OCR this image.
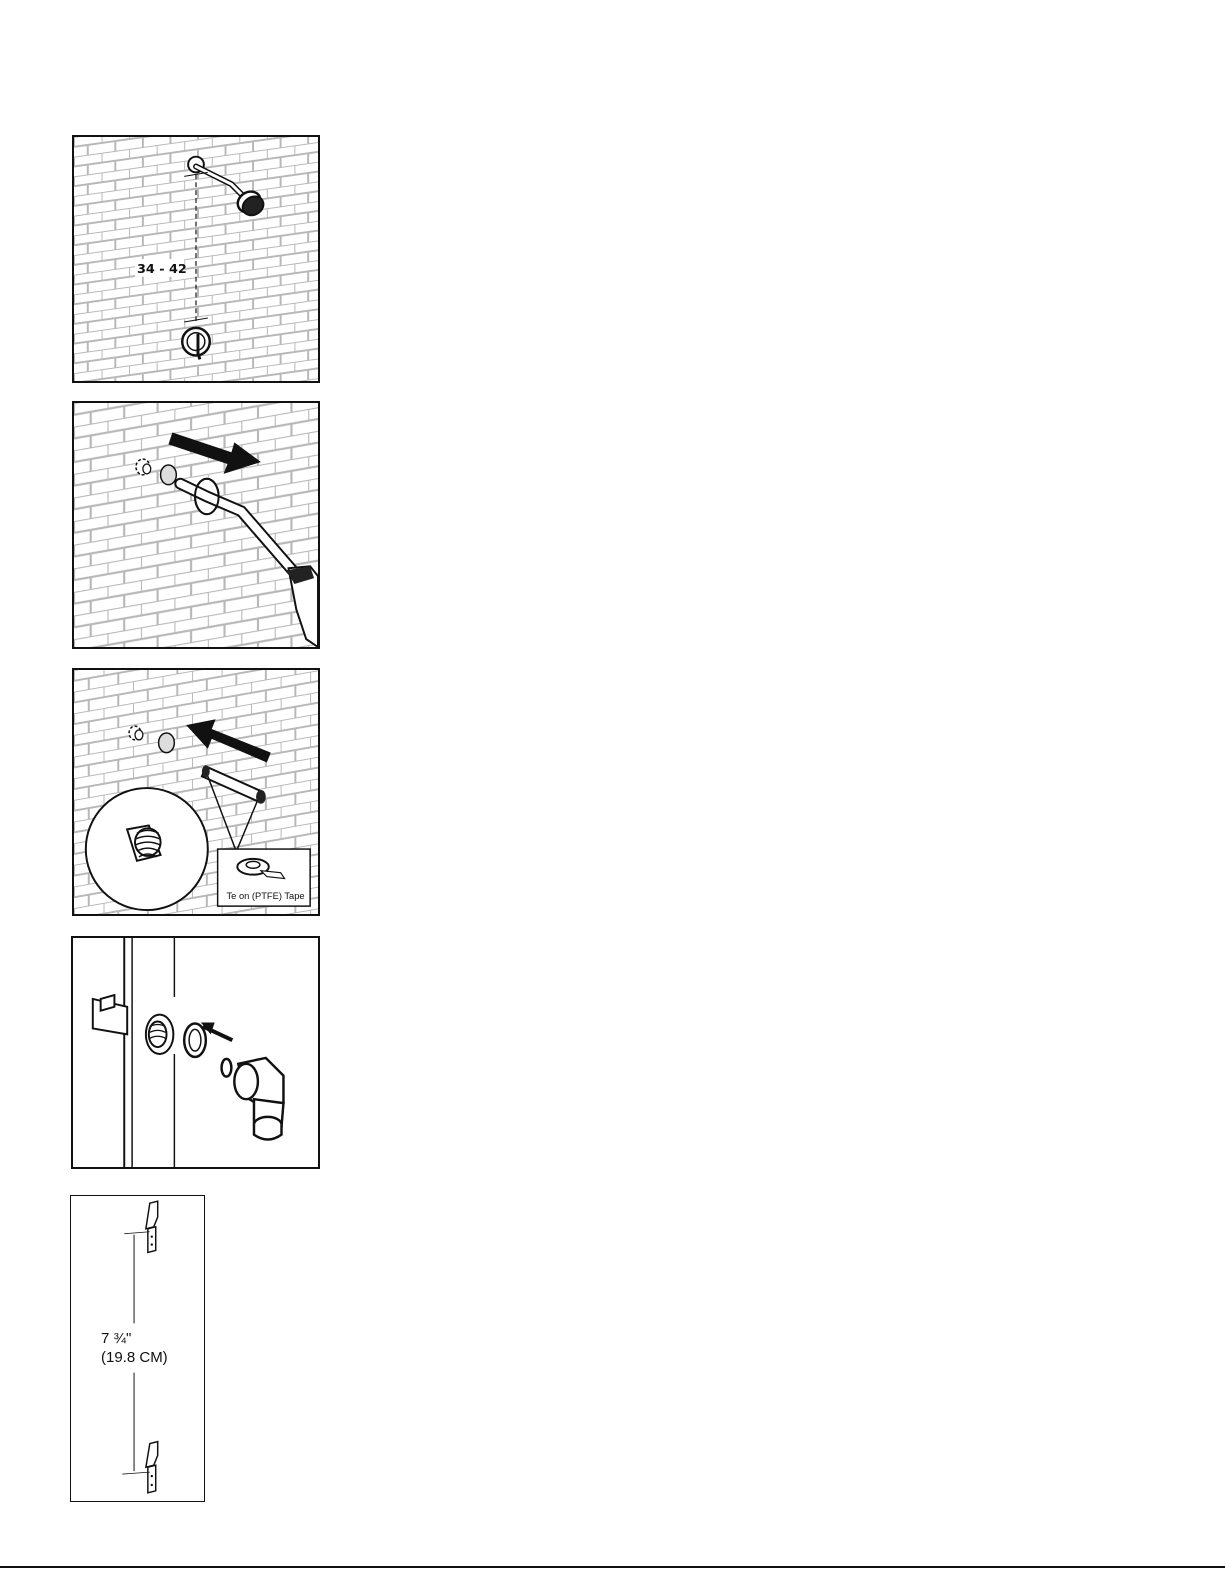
34 - 42
Te on (PTFE) Tape
7 ¾"
(19.8 CM)
